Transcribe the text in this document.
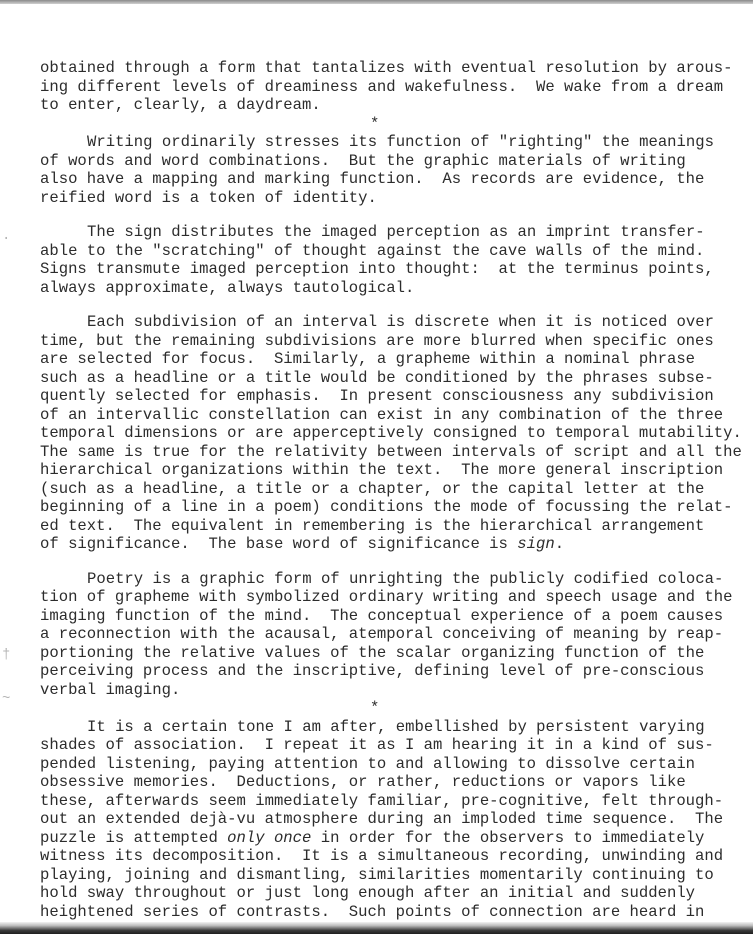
·
†
~
obtained through a form that tantalizes with eventual resolution by arous-
ing different levels of dreaminess and wakefulness.  We wake from a dream
to enter, clearly, a daydream.
*
Writing ordinarily stresses its function of "righting" the meanings
of words and word combinations.  But the graphic materials of writing
also have a mapping and marking function.  As records are evidence, the
reified word is a token of identity.
The sign distributes the imaged perception as an imprint transfer-
able to the "scratching" of thought against the cave walls of the mind.
Signs transmute imaged perception into thought:  at the terminus points,
always approximate, always tautological.
Each subdivision of an interval is discrete when it is noticed over
time, but the remaining subdivisions are more blurred when specific ones
are selected for focus.  Similarly, a grapheme within a nominal phrase
such as a headline or a title would be conditioned by the phrases subse-
quently selected for emphasis.  In present consciousness any subdivision
of an intervallic constellation can exist in any combination of the three
temporal dimensions or are apperceptively consigned to temporal mutability.
The same is true for the relativity between intervals of script and all the
hierarchical organizations within the text.  The more general inscription
(such as a headline, a title or a chapter, or the capital letter at the
beginning of a line in a poem) conditions the mode of focussing the relat-
ed text.  The equivalent in remembering is the hierarchical arrangement
of significance.  The base word of significance is sign.
Poetry is a graphic form of unrighting the publicly codified coloca-
tion of grapheme with symbolized ordinary writing and speech usage and the
imaging function of the mind.  The conceptual experience of a poem causes
a reconnection with the acausal, atemporal conceiving of meaning by reap-
portioning the relative values of the scalar organizing function of the
perceiving process and the inscriptive, defining level of pre-conscious
verbal imaging.
*
It is a certain tone I am after, embellished by persistent varying
shades of association.  I repeat it as I am hearing it in a kind of sus-
pended listening, paying attention to and allowing to dissolve certain
obsessive memories.  Deductions, or rather, reductions or vapors like
these, afterwards seem immediately familiar, pre-cognitive, felt through-
out an extended dejà-vu atmosphere during an imploded time sequence.  The
puzzle is attempted only once in order for the observers to immediately
witness its decomposition.  It is a simultaneous recording, unwinding and
playing, joining and dismantling, similarities momentarily continuing to
hold sway throughout or just long enough after an initial and suddenly
heightened series of contrasts.  Such points of connection are heard in
